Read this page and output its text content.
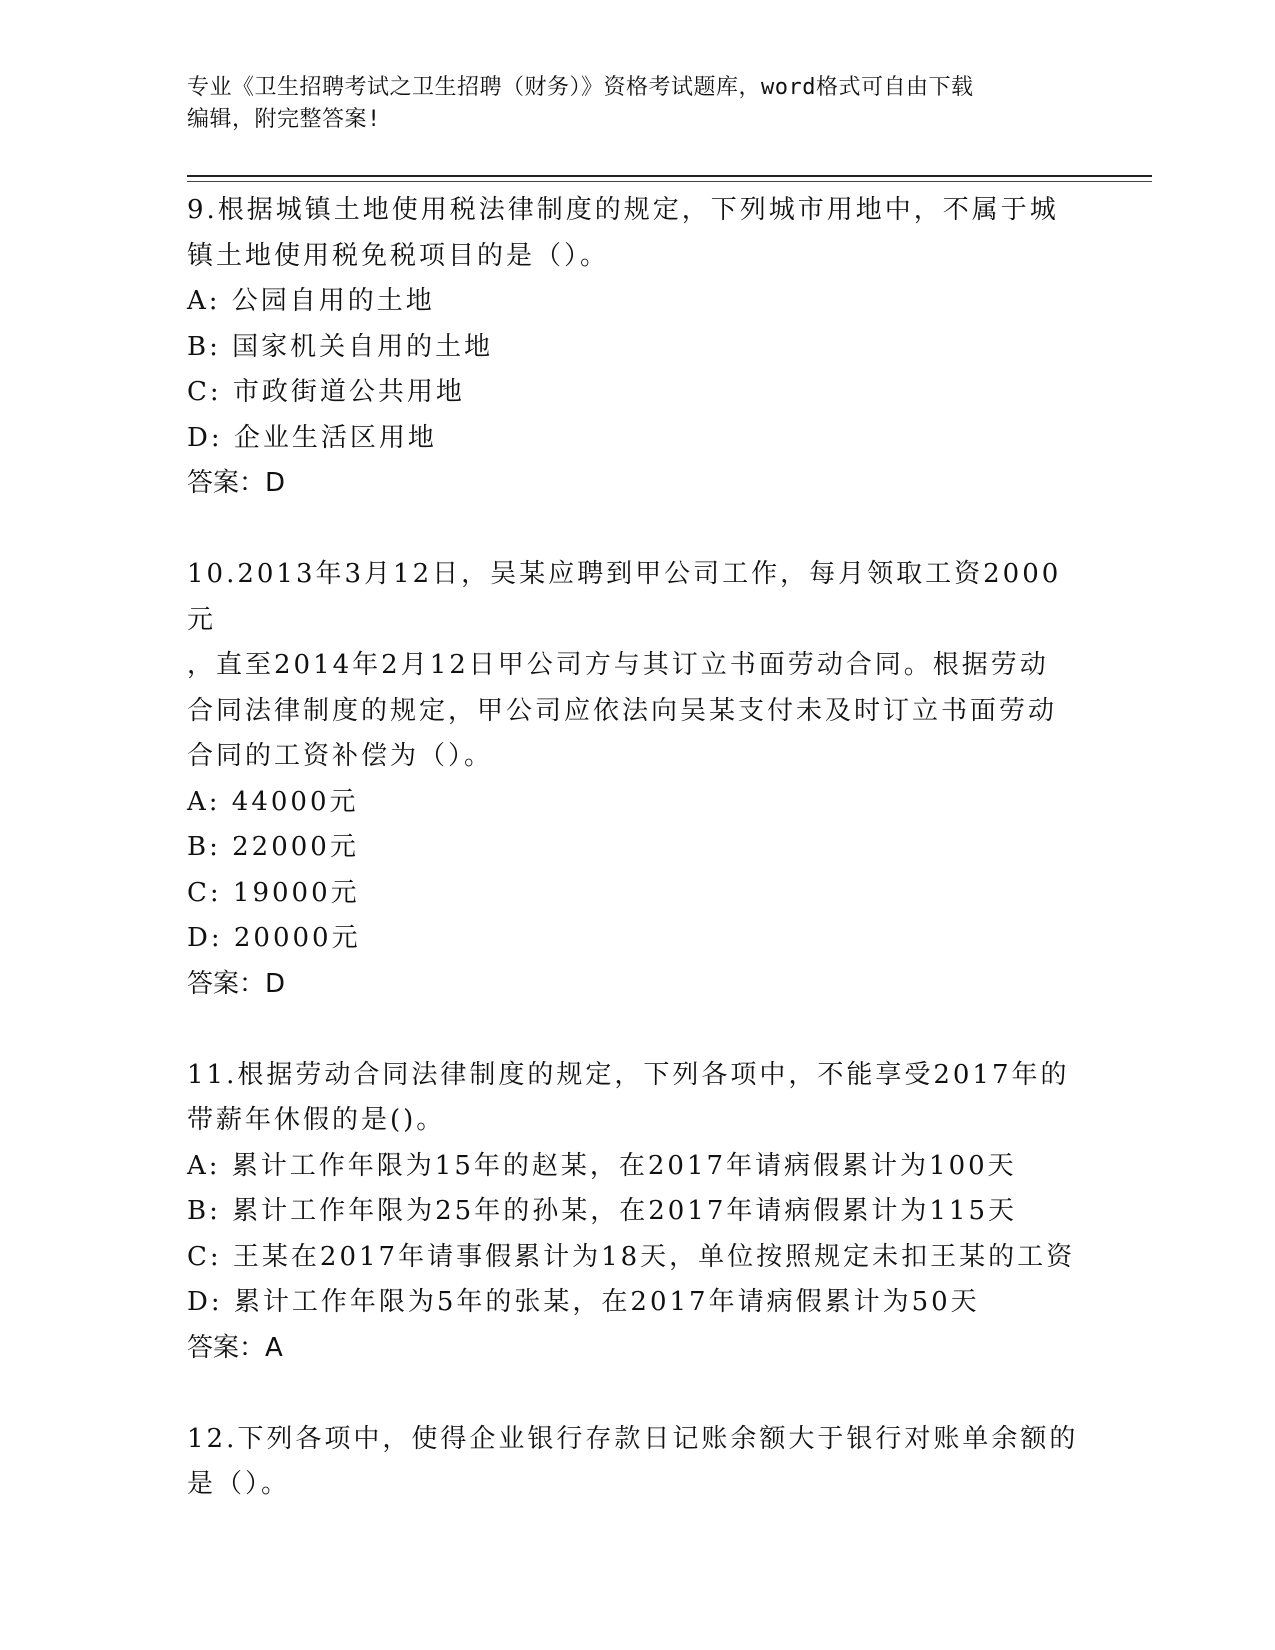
专业《卫生招聘考试之卫生招聘（财务）》资格考试题库，word格式可自由下载
编辑，附完整答案!

9.根据城镇土地使用税法律制度的规定，下列城市用地中，不属于城

镇土地使用税免税项目的是（）。

A: 公园自用的土地

B: 国家机关自用的土地

C: 市政街道公共用地

D: 企业生活区用地

答案：D

10.2013年3月12日，吴某应聘到甲公司工作，每月领取工资2000元

，直至2014年2月12日甲公司方与其订立书面劳动合同。根据劳动

合同法律制度的规定，甲公司应依法向吴某支付未及时订立书面劳动

合同的工资补偿为（）。

A: 44000元

B: 22000元

C: 19000元

D: 20000元

答案：D

11.根据劳动合同法律制度的规定，下列各项中，不能享受2017年的

带薪年休假的是()。

A: 累计工作年限为15年的赵某，在2017年请病假累计为100天

B: 累计工作年限为25年的孙某，在2017年请病假累计为115天

C: 王某在2017年请事假累计为18天，单位按照规定未扣王某的工资

D: 累计工作年限为5年的张某，在2017年请病假累计为50天

答案：A

12.下列各项中，使得企业银行存款日记账余额大于银行对账单余额的

是（）。
